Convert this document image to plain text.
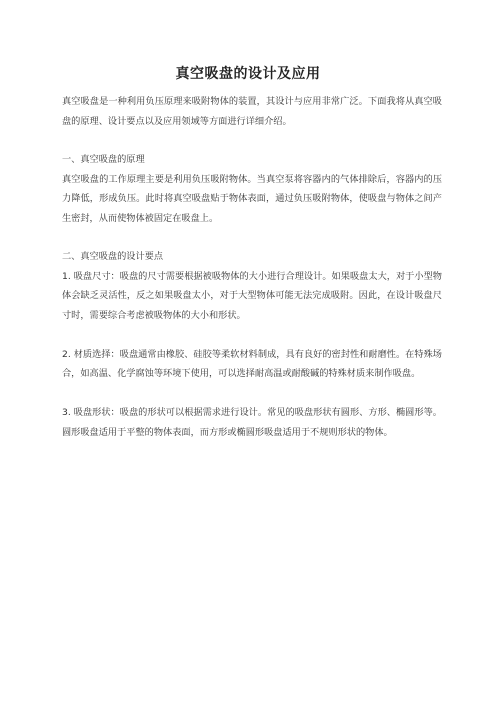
真空吸盘的设计及应用

真空吸盘是一种利用负压原理来吸附物体的装置，其设计与应用非常广泛。下面我将从真空吸盘的原理、设计要点以及应用领域等方面进行详细介绍。

一、真空吸盘的原理

真空吸盘的工作原理主要是利用负压吸附物体。当真空泵将容器内的气体排除后，容器内的压力降低，形成负压。此时将真空吸盘贴于物体表面，通过负压吸附物体，使吸盘与物体之间产生密封，从而使物体被固定在吸盘上。

二、真空吸盘的设计要点

1. 吸盘尺寸：吸盘的尺寸需要根据被吸物体的大小进行合理设计。如果吸盘太大，对于小型物体会缺乏灵活性，反之如果吸盘太小，对于大型物体可能无法完成吸附。因此，在设计吸盘尺寸时，需要综合考虑被吸物体的大小和形状。

2. 材质选择：吸盘通常由橡胶、硅胶等柔软材料制成，具有良好的密封性和耐磨性。在特殊场合，如高温、化学腐蚀等环境下使用，可以选择耐高温或耐酸碱的特殊材质来制作吸盘。

3. 吸盘形状：吸盘的形状可以根据需求进行设计。常见的吸盘形状有圆形、方形、椭圆形等。圆形吸盘适用于平整的物体表面，而方形或椭圆形吸盘适用于不规则形状的物体。
